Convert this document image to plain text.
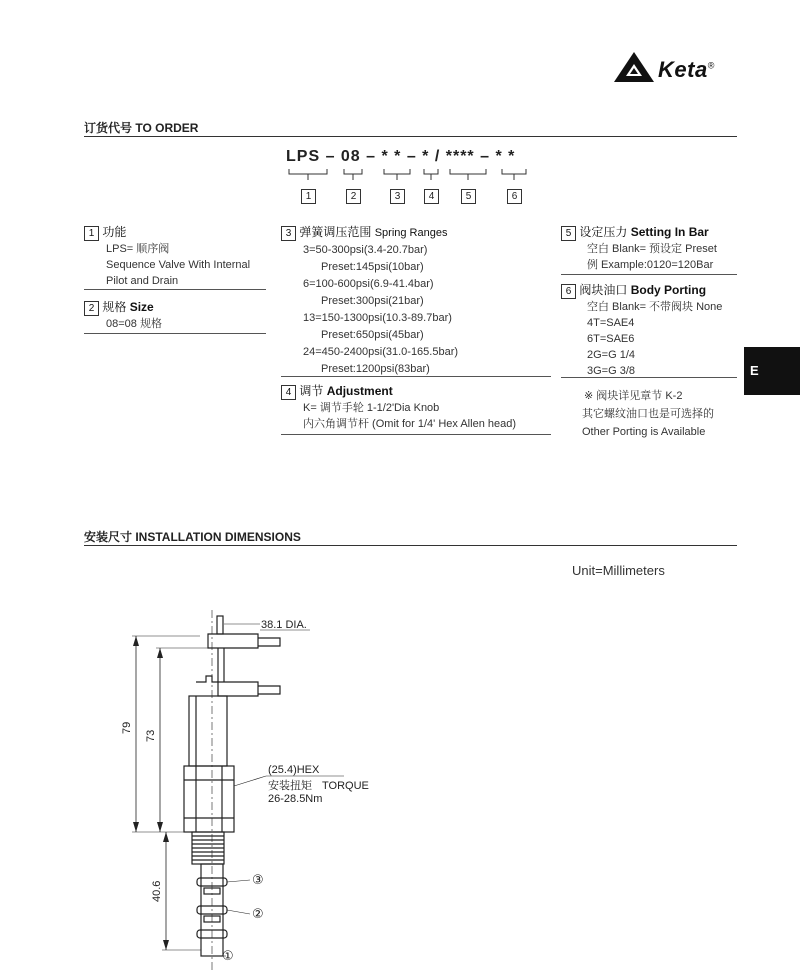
Keta®
订货代号 TO ORDER
LPS – 08 – * * – * / **** – * *
1	2	3	4	5	6
1 功能
LPS= 顺序阀
Sequence Valve With Internal
Pilot and Drain
2 规格 Size
08=08 规格
3 弹簧调压范围 Spring Ranges
3=50-300psi(3.4-20.7bar)
Preset:145psi(10bar)
6=100-600psi(6.9-41.4bar)
Preset:300psi(21bar)
13=150-1300psi(10.3-89.7bar)
Preset:650psi(45bar)
24=450-2400psi(31.0-165.5bar)
Preset:1200psi(83bar)
4 调节 Adjustment
K= 调节手轮 1-1/2'Dia Knob
内六角调节杆 (Omit for 1/4' Hex Allen head)
5 设定压力 Setting In Bar
空白 Blank= 预设定 Preset
例 Example:0120=120Bar
6 阀块油口 Body Porting
空白 Blank= 不带阀块 None
4T=SAE4
6T=SAE6
2G=G 1/4
3G=G 3/8
※ 阀块详见章节 K-2
其它螺纹油口也是可选择的
Other Porting is Available
E
安装尺寸 INSTALLATION DIMENSIONS
Unit=Millimeters
38.1 DIA.
79
73
40.6
(25.4)HEX
安装扭矩 TORQUE
26-28.5Nm
③
②
①
